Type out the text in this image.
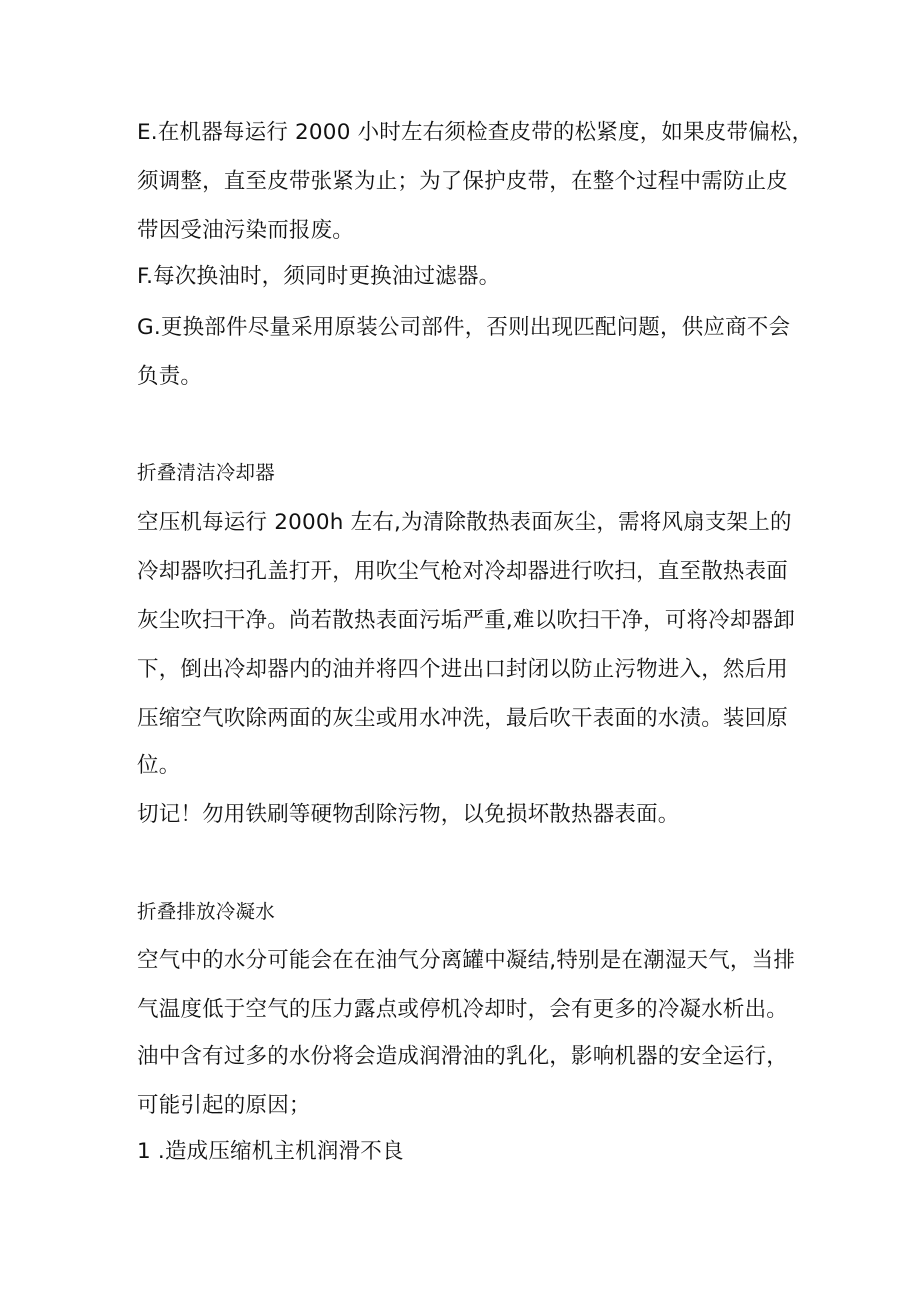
E.在机器每运行 2000 小时左右须检查皮带的松紧度，如果皮带偏松，
须调整，直至皮带张紧为止；为了保护皮带，在整个过程中需防止皮
带因受油污染而报废。
F.每次换油时，须同时更换油过滤器。
G.更换部件尽量采用原装公司部件，否则出现匹配问题，供应商不会
负责。
折叠清洁冷却器
空压机每运行 2000h 左右,为清除散热表面灰尘，需将风扇支架上的
冷却器吹扫孔盖打开，用吹尘气枪对冷却器进行吹扫，直至散热表面
灰尘吹扫干净。尚若散热表面污垢严重,难以吹扫干净，可将冷却器卸
下，倒出冷却器内的油并将四个进出口封闭以防止污物进入，然后用
压缩空气吹除两面的灰尘或用水冲洗，最后吹干表面的水渍。装回原
位。
切记！勿用铁刷等硬物刮除污物，以免损坏散热器表面。
折叠排放冷凝水
空气中的水分可能会在在油气分离罐中凝结,特别是在潮湿天气，当排
气温度低于空气的压力露点或停机冷却时，会有更多的冷凝水析出。
油中含有过多的水份将会造成润滑油的乳化，影响机器的安全运行，
可能引起的原因；
1 .造成压缩机主机润滑不良
